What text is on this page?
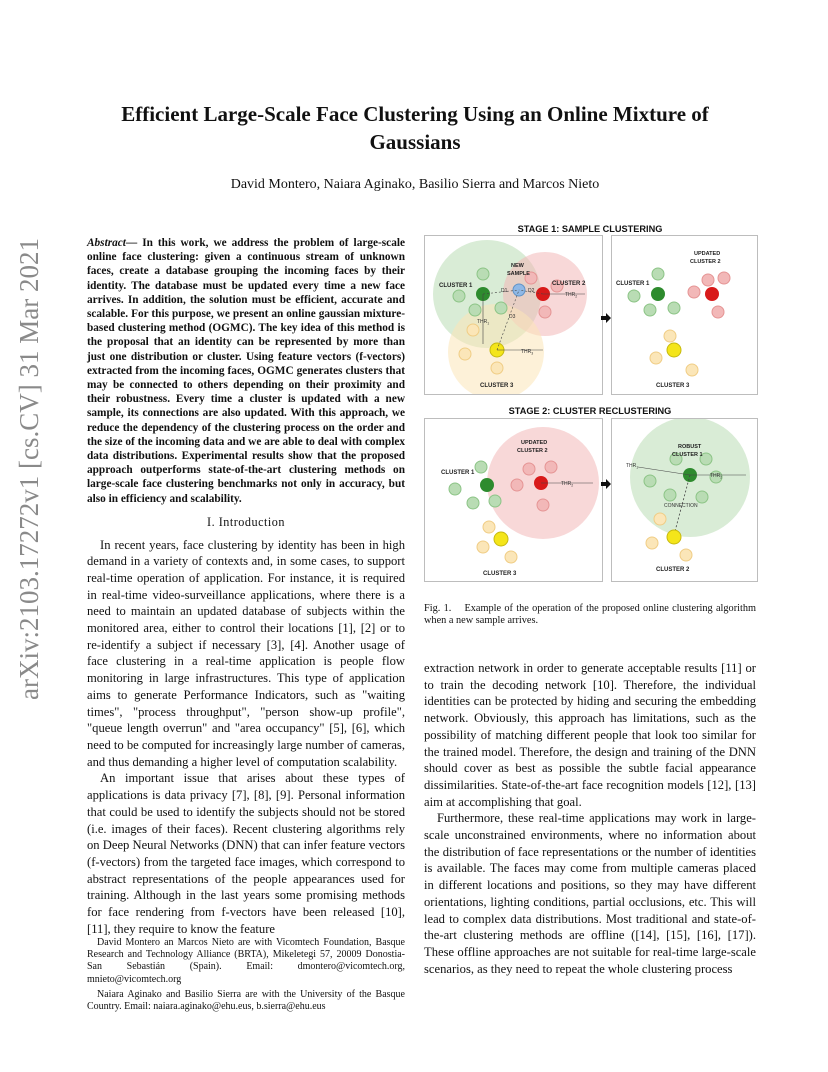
arXiv:2103.17272v1 [cs.CV] 31 Mar 2021
Efficient Large-Scale Face Clustering Using an Online Mixture of Gaussians
David Montero, Naiara Aginako, Basilio Sierra and Marcos Nieto
Abstract— In this work, we address the problem of large-scale online face clustering: given a continuous stream of unknown faces, create a database grouping the incoming faces by their identity. The database must be updated every time a new face arrives. In addition, the solution must be efficient, accurate and scalable. For this purpose, we present an online gaussian mixture-based clustering method (OGMC). The key idea of this method is the proposal that an identity can be represented by more than just one distribution or cluster. Using feature vectors (f-vectors) extracted from the incoming faces, OGMC generates clusters that may be connected to others depending on their proximity and their robustness. Every time a cluster is updated with a new sample, its connections are also updated. With this approach, we reduce the dependency of the clustering process on the order and the size of the incoming data and we are able to deal with complex data distributions. Experimental results show that the proposed approach outperforms state-of-the-art clustering methods on large-scale face clustering benchmarks not only in accuracy, but also in efficiency and scalability.
I. Introduction

In recent years, face clustering by identity has been in high demand in a variety of contexts and, in some cases, to support real-time operation of application. For instance, it is required in real-time video-surveillance applications, where there is a need to maintain an updated database of subjects within the monitored area, either to control their locations [1], [2] or to re-identify a subject if necessary [3], [4]. Another usage of face clustering in a real-time application is people flow monitoring in large infrastructures. This type of application aims to generate Performance Indicators, such as "waiting times", "process throughput", "person show-up profile", "queue length overrun" and "area occupancy" [5], [6], which need to be computed for increasingly large number of cameras, and thus demanding a higher level of computation scalability.

An important issue that arises about these types of applications is data privacy [7], [8], [9]. Personal information that could be used to identify the subjects should not be stored (i.e. images of their faces). Recent clustering algorithms rely on Deep Neural Networks (DNN) that can infer feature vectors (f-vectors) from the targeted face images, which correspond to abstract representations of the people appearances used for training. Although in the last years some promising methods for face rendering from f-vectors have been released [10], [11], they require to know the feature

David Montero an Marcos Nieto are with Vicomtech Foundation, Basque Research and Technology Alliance (BRTA), Mikeletegi 57, 20009 Donostia-San Sebastián (Spain). Email: dmontero@vicomtech.org, mnieto@vicomtech.org

Naiara Aginako and Basilio Sierra are with the University of the Basque Country. Email: naiara.aginako@ehu.eus, b.sierra@ehu.eus

STAGE 1: SAMPLE CLUSTERING
CLUSTER 1	CLUSTER 2
CLUSTER 3
NEW
SAMPLE
D1	D2
D3
$THR_1$
$THR_2$
$THR_3$
CLUSTER 1
UPDATED
CLUSTER 2
CLUSTER 3
STAGE 2: CLUSTER RECLUSTERING
CLUSTER 1
UPDATED
CLUSTER 2
$THR_2$
CLUSTER 3
ROBUST
CLUSTER 1
$THR_1$
$THR_2$
CONNECTION
CLUSTER 2
Fig. 1. Example of the operation of the proposed online clustering algorithm when a new sample arrives.

extraction network in order to generate acceptable results [11] or to train the decoding network [10]. Therefore, the individual identities can be protected by hiding and securing the embedding network. Obviously, this approach has limitations, such as the possibility of matching different people that look too similar for the trained model. Therefore, the design and training of the DNN should cover as best as possible the subtle facial appearance dissimilarities. State-of-the-art face recognition models [12], [13] aim at accomplishing that goal.

Furthermore, these real-time applications may work in large-scale unconstrained environments, where no information about the distribution of face representations or the number of identities is available. The faces may come from multiple cameras placed in different locations and positions, so they may have different orientations, lighting conditions, partial occlusions, etc. This will lead to complex data distributions. Most traditional and state-of-the-art clustering methods are offline ([14], [15], [16], [17]). These offline approaches are not suitable for real-time large-scale scenarios, as they need to repeat the whole clustering process
